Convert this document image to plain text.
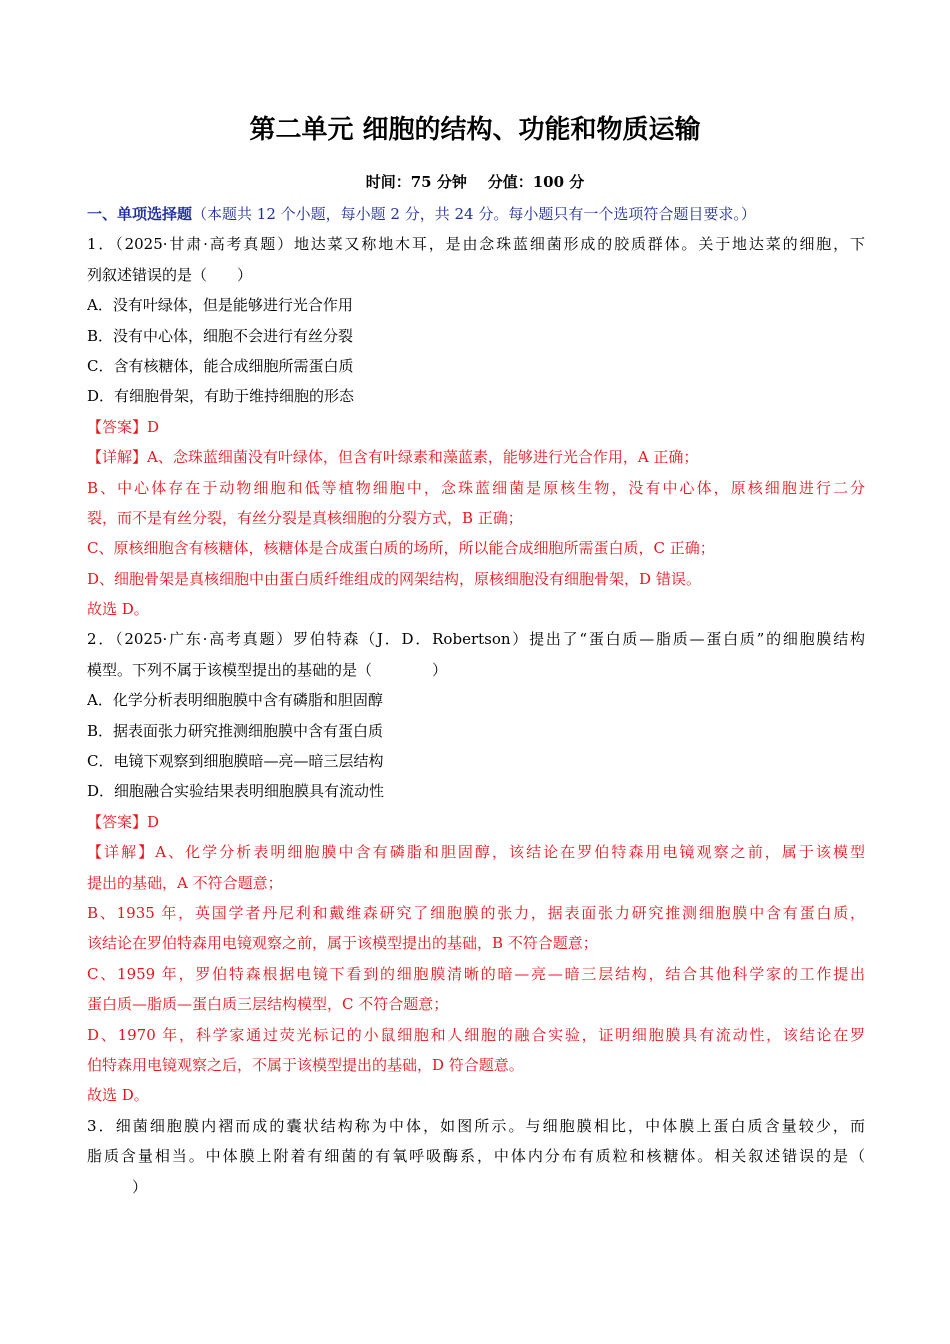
第二单元 细胞的结构、功能和物质运输
时间：75 分钟    分值：100 分
一、单项选择题（本题共 12 个小题，每小题 2 分，共 24 分。每小题只有一个选项符合题目要求。）
1．（2025·甘肃·高考真题）地达菜又称地木耳，是由念珠蓝细菌形成的胶质群体。关于地达菜的细胞，下
列叙述错误的是（　　）
A．没有叶绿体，但是能够进行光合作用
B．没有中心体，细胞不会进行有丝分裂
C．含有核糖体，能合成细胞所需蛋白质
D．有细胞骨架，有助于维持细胞的形态
【答案】D
【详解】A、念珠蓝细菌没有叶绿体，但含有叶绿素和藻蓝素，能够进行光合作用，A 正确；
B、中心体存在于动物细胞和低等植物细胞中，念珠蓝细菌是原核生物，没有中心体，原核细胞进行二分
裂，而不是有丝分裂，有丝分裂是真核细胞的分裂方式，B 正确；
C、原核细胞含有核糖体，核糖体是合成蛋白质的场所，所以能合成细胞所需蛋白质，C 正确；
D、细胞骨架是真核细胞中由蛋白质纤维组成的网架结构，原核细胞没有细胞骨架，D 错误。
故选 D。
2．（2025·广东·高考真题）罗伯特森（J．D．Robertson）提出了“蛋白质—脂质—蛋白质”的细胞膜结构
模型。下列不属于该模型提出的基础的是（　　　　）
A．化学分析表明细胞膜中含有磷脂和胆固醇
B．据表面张力研究推测细胞膜中含有蛋白质
C．电镜下观察到细胞膜暗—亮—暗三层结构
D．细胞融合实验结果表明细胞膜具有流动性
【答案】D
【详解】A、化学分析表明细胞膜中含有磷脂和胆固醇，该结论在罗伯特森用电镜观察之前，属于该模型
提出的基础，A 不符合题意；
B、1935 年，英国学者丹尼利和戴维森研究了细胞膜的张力，据表面张力研究推测细胞膜中含有蛋白质，
该结论在罗伯特森用电镜观察之前，属于该模型提出的基础，B 不符合题意；
C、1959 年，罗伯特森根据电镜下看到的细胞膜清晰的暗—亮—暗三层结构，结合其他科学家的工作提出
蛋白质—脂质—蛋白质三层结构模型，C 不符合题意；
D、1970 年，科学家通过荧光标记的小鼠细胞和人细胞的融合实验，证明细胞膜具有流动性，该结论在罗
伯特森用电镜观察之后，不属于该模型提出的基础，D 符合题意。
故选 D。
3．细菌细胞膜内褶而成的囊状结构称为中体，如图所示。与细胞膜相比，中体膜上蛋白质含量较少，而
脂质含量相当。中体膜上附着有细菌的有氧呼吸酶系，中体内分布有质粒和核糖体。相关叙述错误的是（
　　　）
